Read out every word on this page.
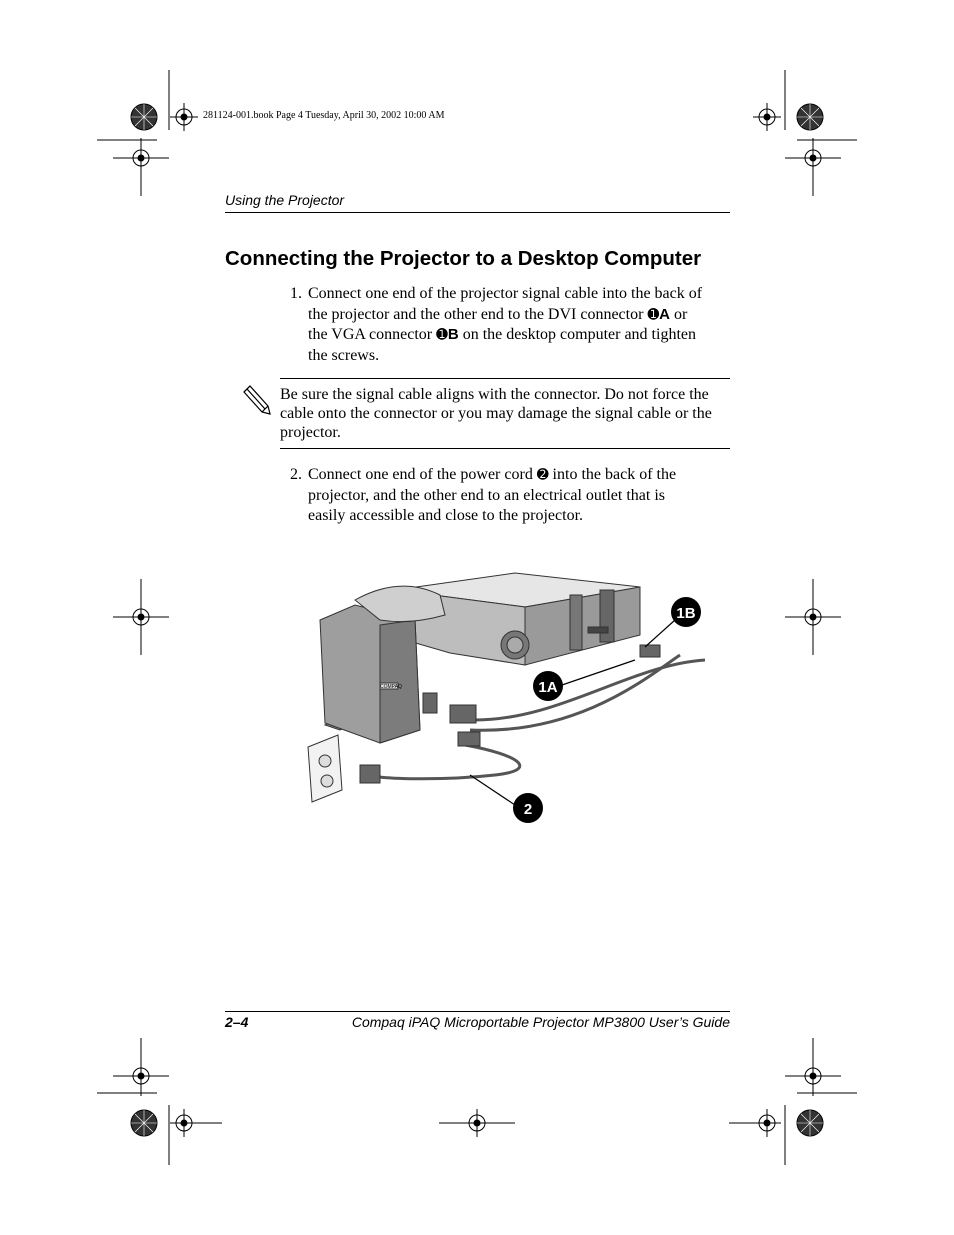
281124-001.book Page 4 Tuesday, April 30, 2002 10:00 AM
Using the Projector
Connecting the Projector to a Desktop Computer
1. Connect one end of the projector signal cable into the back of
the projector and the other end to the DVI connector ➊A or
the VGA connector ➊B on the desktop computer and tighten
the screws.
Be sure the signal cable aligns with the connector. Do not force the cable onto the connector or you may damage the signal cable or the projector.
2. Connect one end of the power cord ➋ into the back of the
projector, and the other end to an electrical outlet that is
easily accessible and close to the projector.
COMPAQ	1A
1B
2
2–4	Compaq iPAQ Microportable Projector MP3800 User’s Guide
